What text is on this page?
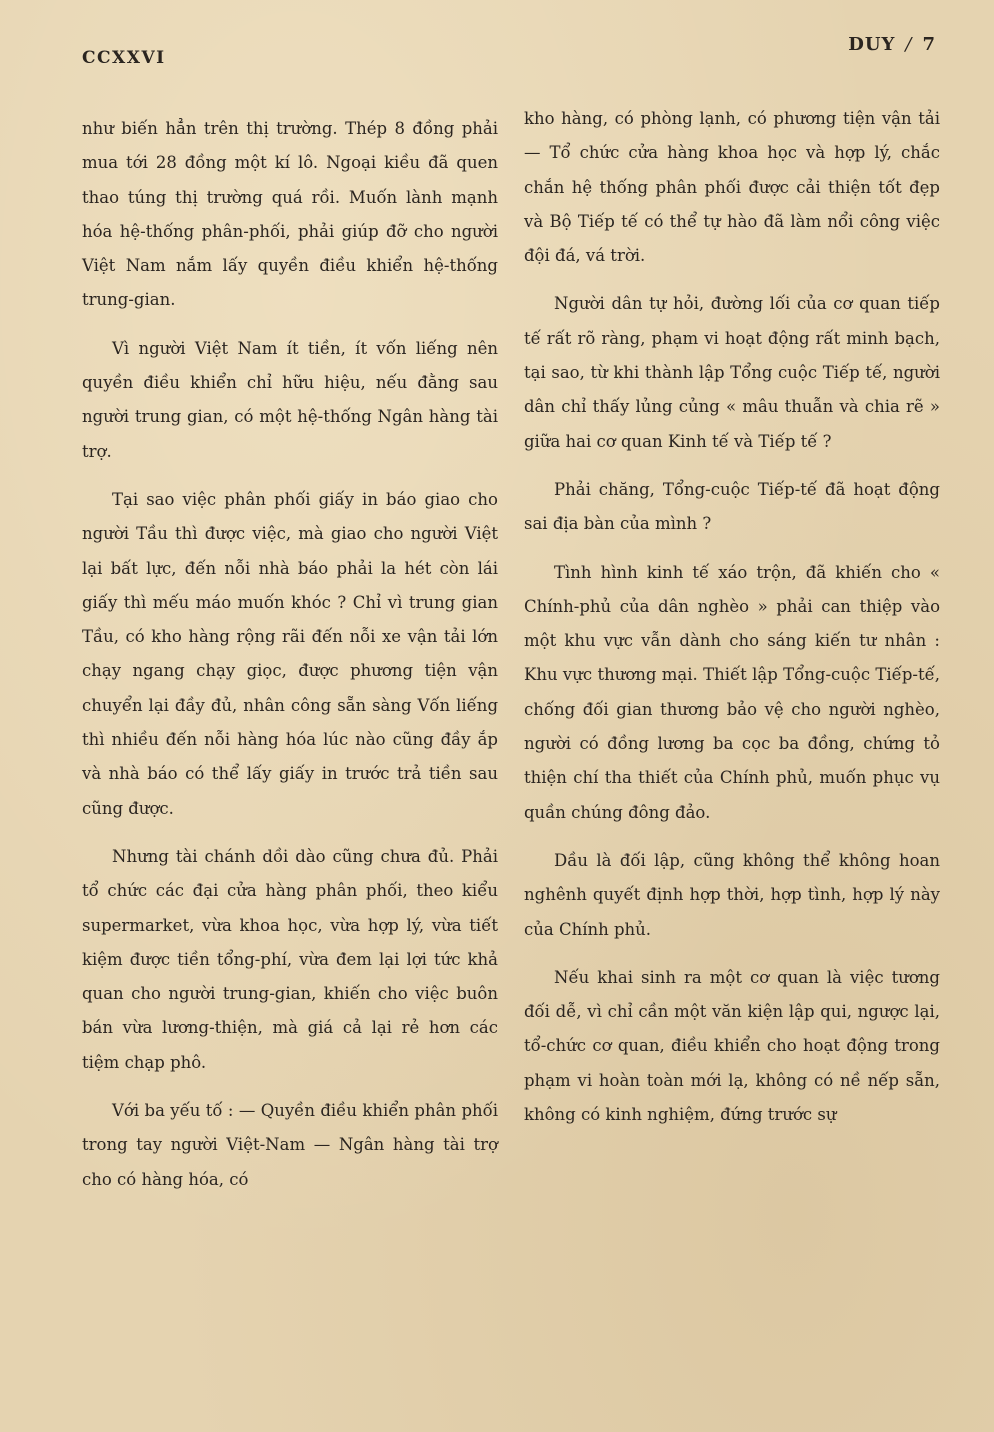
CCXXVI
DUY / 7

như biến hẳn trên thị trường. Thép 8 đồng phải mua tới 28 đồng một kí lô. Ngoại kiều đã quen thao túng thị trường quá rồi. Muốn lành mạnh hóa hệ-thống phân-phối, phải giúp đỡ cho người Việt Nam nắm lấy quyền điều khiển hệ-thống trung-gian.

Vì người Việt Nam ít tiền, ít vốn liếng nên quyền điều khiển chỉ hữu hiệu, nếu đằng sau người trung gian, có một hệ-thống Ngân hàng tài trợ.

Tại sao việc phân phối giấy in báo giao cho người Tầu thì được việc, mà giao cho người Việt lại bất lực, đến nỗi nhà báo phải la hét còn lái giấy thì mếu máo muốn khóc ? Chỉ vì trung gian Tầu, có kho hàng rộng rãi đến nỗi xe vận tải lớn chạy ngang chạy giọc, được phương tiện vận chuyển lại đầy đủ, nhân công sẵn sàng Vốn liếng thì nhiều đến nỗi hàng hóa lúc nào cũng đầy ắp và nhà báo có thể lấy giấy in trước trả tiền sau cũng được.

Nhưng tài chánh dồi dào cũng chưa đủ. Phải tổ chức các đại cửa hàng phân phối, theo kiểu supermarket, vừa khoa học, vừa hợp lý, vừa tiết kiệm được tiền tổng-phí, vừa đem lại lợi tức khả quan cho người trung-gian, khiến cho việc buôn bán vừa lương-thiện, mà giá cả lại rẻ hơn các tiệm chạp phô.

Với ba yếu tố : — Quyền điều khiển phân phối trong tay người Việt-Nam — Ngân hàng tài trợ cho có hàng hóa, có

kho hàng, có phòng lạnh, có phương tiện vận tải — Tổ chức cửa hàng khoa học và hợp lý, chắc chắn hệ thống phân phối được cải thiện tốt đẹp và Bộ Tiếp tế có thể tự hào đã làm nổi công việc đội đá, vá trời.

Người dân tự hỏi, đường lối của cơ quan tiếp tế rất rõ ràng, phạm vi hoạt động rất minh bạch, tại sao, từ khi thành lập Tổng cuộc Tiếp tế, người dân chỉ thấy lủng củng « mâu thuẫn và chia rẽ » giữa hai cơ quan Kinh tế và Tiếp tế ?

Phải chăng, Tổng-cuộc Tiếp-tế đã hoạt động sai địa bàn của mình ?

Tình hình kinh tế xáo trộn, đã khiến cho « Chính-phủ của dân nghèo » phải can thiệp vào một khu vực vẫn dành cho sáng kiến tư nhân : Khu vực thương mại. Thiết lập Tổng-cuộc Tiếp-tế, chống đối gian thương bảo vệ cho người nghèo, người có đồng lương ba cọc ba đồng, chứng tỏ thiện chí tha thiết của Chính phủ, muốn phục vụ quần chúng đông đảo.

Dầu là đối lập, cũng không thể không hoan nghênh quyết định hợp thời, hợp tình, hợp lý này của Chính phủ.

Nếu khai sinh ra một cơ quan là việc tương đối dễ, vì chỉ cần một văn kiện lập qui, ngược lại, tổ-chức cơ quan, điều khiển cho hoạt động trong phạm vi hoàn toàn mới lạ, không có nề nếp sẵn, không có kinh nghiệm, đứng trước sự
